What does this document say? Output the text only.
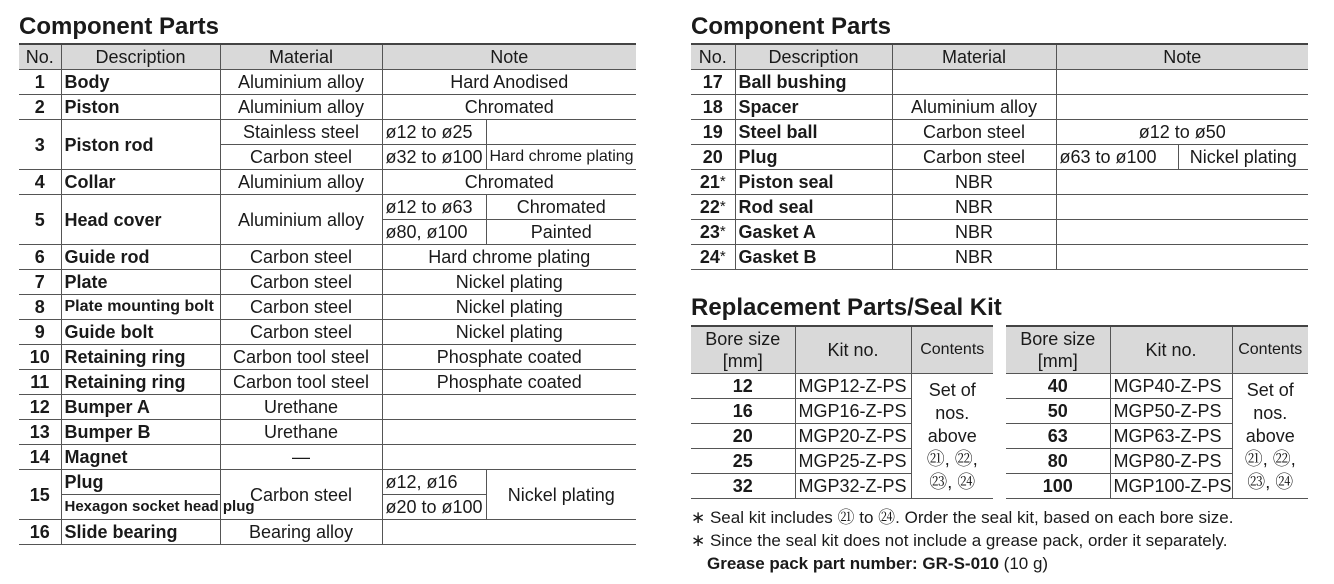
Component Parts
No.	Description	Material	Note	
1	Body	Aluminium alloy	Hard Anodised	
2	Piston	Aluminium alloy	Chromated	
3	Piston rod	Stainless steel	ø12 to ø25	
		Carbon steel	ø32 to ø100	Hard chrome plating
4	Collar	Aluminium alloy	Chromated	
5	Head cover	Aluminium alloy	ø12 to ø63	Chromated
			ø80, ø100	Painted
6	Guide rod	Carbon steel	Hard chrome plating	
7	Plate	Carbon steel	Nickel plating	
8	Plate mounting bolt	Carbon steel	Nickel plating	
9	Guide bolt	Carbon steel	Nickel plating	
10	Retaining ring	Carbon tool steel	Phosphate coated	
11	Retaining ring	Carbon tool steel	Phosphate coated	
12	Bumper A	Urethane		
13	Bumper B	Urethane		
14	Magnet	—		
15	Plug	Carbon steel	ø12, ø16	Nickel plating
	Hexagon socket head plug		ø20 to ø100	
16	Slide bearing	Bearing alloy		
Component Parts
No.	Description	Material	Note	
17	Ball bushing			
18	Spacer	Aluminium alloy		
19	Steel ball	Carbon steel	ø12 to ø50	
20	Plug	Carbon steel	ø63 to ø100	Nickel plating
21*	Piston seal	NBR		
22*	Rod seal	NBR		
23*	Gasket A	NBR		
24*	Gasket B	NBR		
Replacement Parts/Seal Kit
Bore size [mm]	Kit no.	Contents
12	MGP12-Z-PS	Set of nos. above ㉑, ㉒, ㉓, ㉔
16	MGP16-Z-PS	
20	MGP20-Z-PS	
25	MGP25-Z-PS	
32	MGP32-Z-PS	
Bore size [mm]	Kit no.	Contents
40	MGP40-Z-PS	Set of nos. above ㉑, ㉒, ㉓, ㉔
50	MGP50-Z-PS	
63	MGP63-Z-PS	
80	MGP80-Z-PS	
100	MGP100-Z-PS	

∗ Seal kit includes ㉑ to ㉔. Order the seal kit, based on each bore size.

∗ Since the seal kit does not include a grease pack, order it separately.

Grease pack part number: GR-S-010 (10 g)
